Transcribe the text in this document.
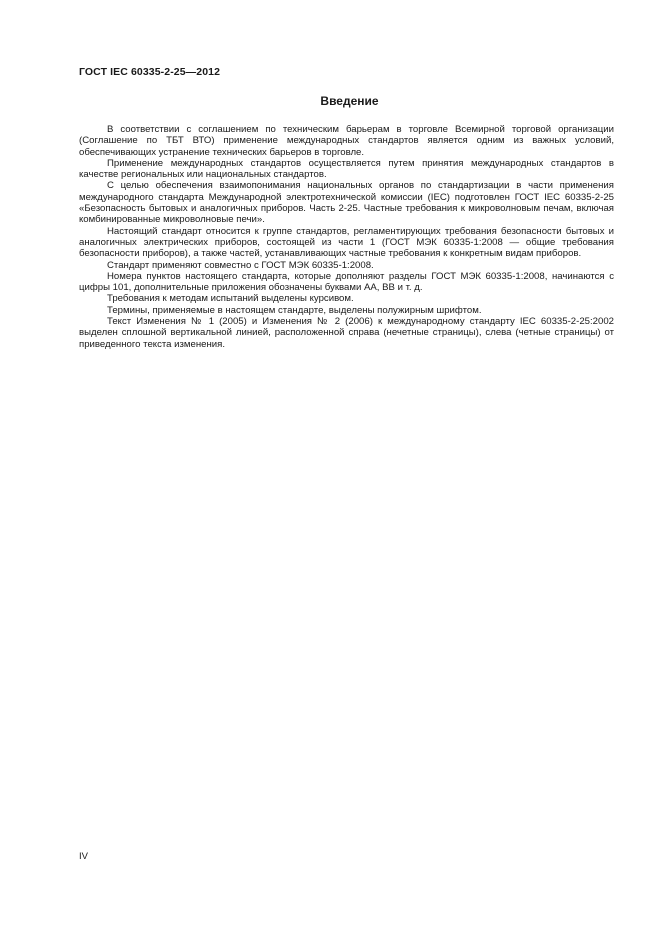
ГОСТ IEC 60335-2-25—2012
Введение

В соответствии с соглашением по техническим барьерам в торговле Всемирной торговой организации (Соглашение по ТБТ ВТО) применение международных стандартов является одним из важных условий, обеспечивающих устранение технических барьеров в торговле.

Применение международных стандартов осуществляется путем принятия международных стандартов в качестве региональных или национальных стандартов.

С целью обеспечения взаимопонимания национальных органов по стандартизации в части применения международного стандарта Международной электротехнической комиссии (IEC) подготовлен ГОСТ IEC 60335-2-25 «Безопасность бытовых и аналогичных приборов. Часть 2-25. Частные требования к микроволновым печам, включая комбинированные микроволновые печи».

Настоящий стандарт относится к группе стандартов, регламентирующих требования безопасности бытовых и аналогичных электрических приборов, состоящей из части 1 (ГОСТ МЭК 60335-1:2008 — общие требования безопасности приборов), а также частей, устанавливающих частные требования к конкретным видам приборов.

Стандарт применяют совместно с ГОСТ МЭК 60335-1:2008.

Номера пунктов настоящего стандарта, которые дополняют разделы ГОСТ МЭК 60335-1:2008, начинаются с цифры 101, дополнительные приложения обозначены буквами АА, ВВ и т. д.

Требования к методам испытаний выделены курсивом.

Термины, применяемые в настоящем стандарте, выделены полужирным шрифтом.

Текст Изменения № 1 (2005) и Изменения № 2 (2006) к международному стандарту IEC 60335-2-25:2002 выделен сплошной вертикальной линией, расположенной справа (нечетные страницы), слева (четные страницы) от приведенного текста изменения.

IV
